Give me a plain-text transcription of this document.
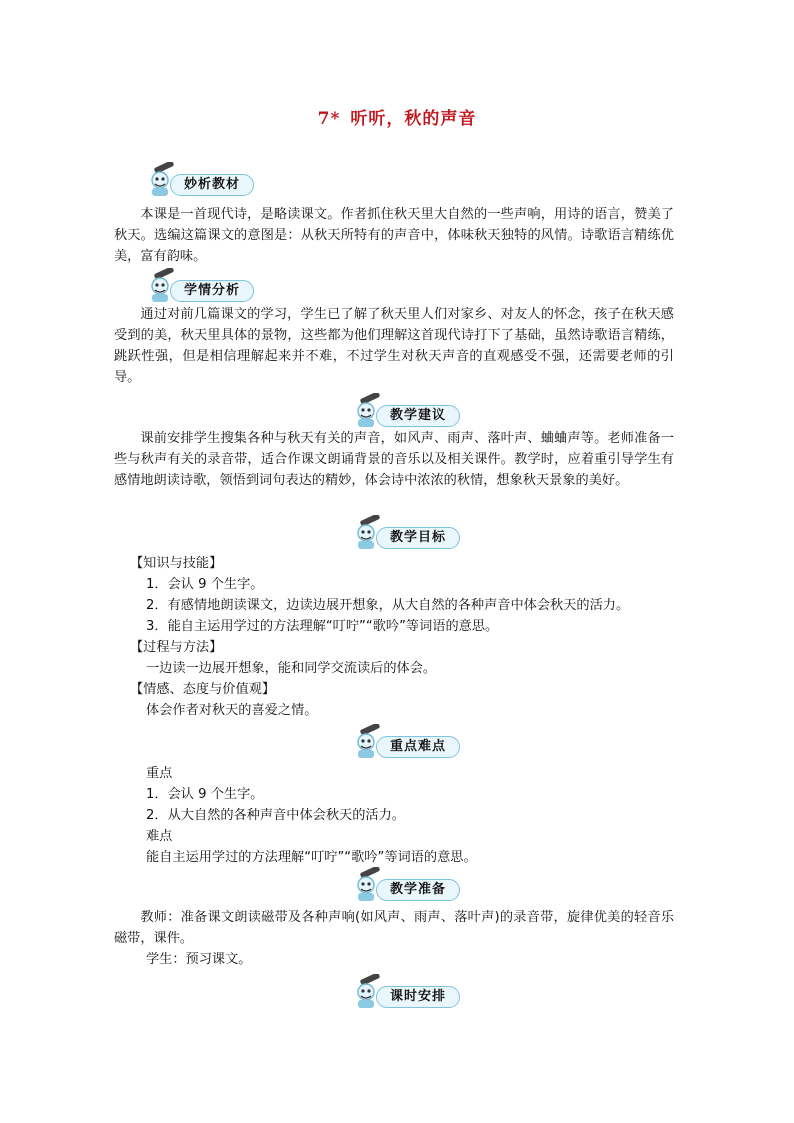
7* 听听，秋的声音
妙析教材

本课是一首现代诗，是略读课文。作者抓住秋天里大自然的一些声响，用诗的语言，赞美了秋天。选编这篇课文的意图是：从秋天所特有的声音中，体味秋天独特的风情。诗歌语言精练优美，富有韵味。

学情分析

通过对前几篇课文的学习，学生已了解了秋天里人们对家乡、对友人的怀念，孩子在秋天感受到的美，秋天里具体的景物，这些都为他们理解这首现代诗打下了基础，虽然诗歌语言精练，跳跃性强，但是相信理解起来并不难，不过学生对秋天声音的直观感受不强，还需要老师的引导。

教学建议

课前安排学生搜集各种与秋天有关的声音，如风声、雨声、落叶声、蛐蛐声等。老师准备一些与秋声有关的录音带，适合作课文朗诵背景的音乐以及相关课件。教学时，应着重引导学生有感情地朗读诗歌，领悟到词句表达的精妙，体会诗中浓浓的秋情，想象秋天景象的美好。

教学目标
【知识与技能】
1．会认 9 个生字。
2．有感情地朗读课文，边读边展开想象，从大自然的各种声音中体会秋天的活力。
3．能自主运用学过的方法理解“叮咛”“歌吟”等词语的意思。
【过程与方法】
一边读一边展开想象，能和同学交流读后的体会。
【情感、态度与价值观】
体会作者对秋天的喜爱之情。
重点难点
重点
1．会认 9 个生字。
2．从大自然的各种声音中体会秋天的活力。
难点
能自主运用学过的方法理解“叮咛”“歌吟”等词语的意思。
教学准备

教师：准备课文朗读磁带及各种声响(如风声、雨声、落叶声)的录音带，旋律优美的轻音乐磁带，课件。

学生：预习课文。
课时安排
